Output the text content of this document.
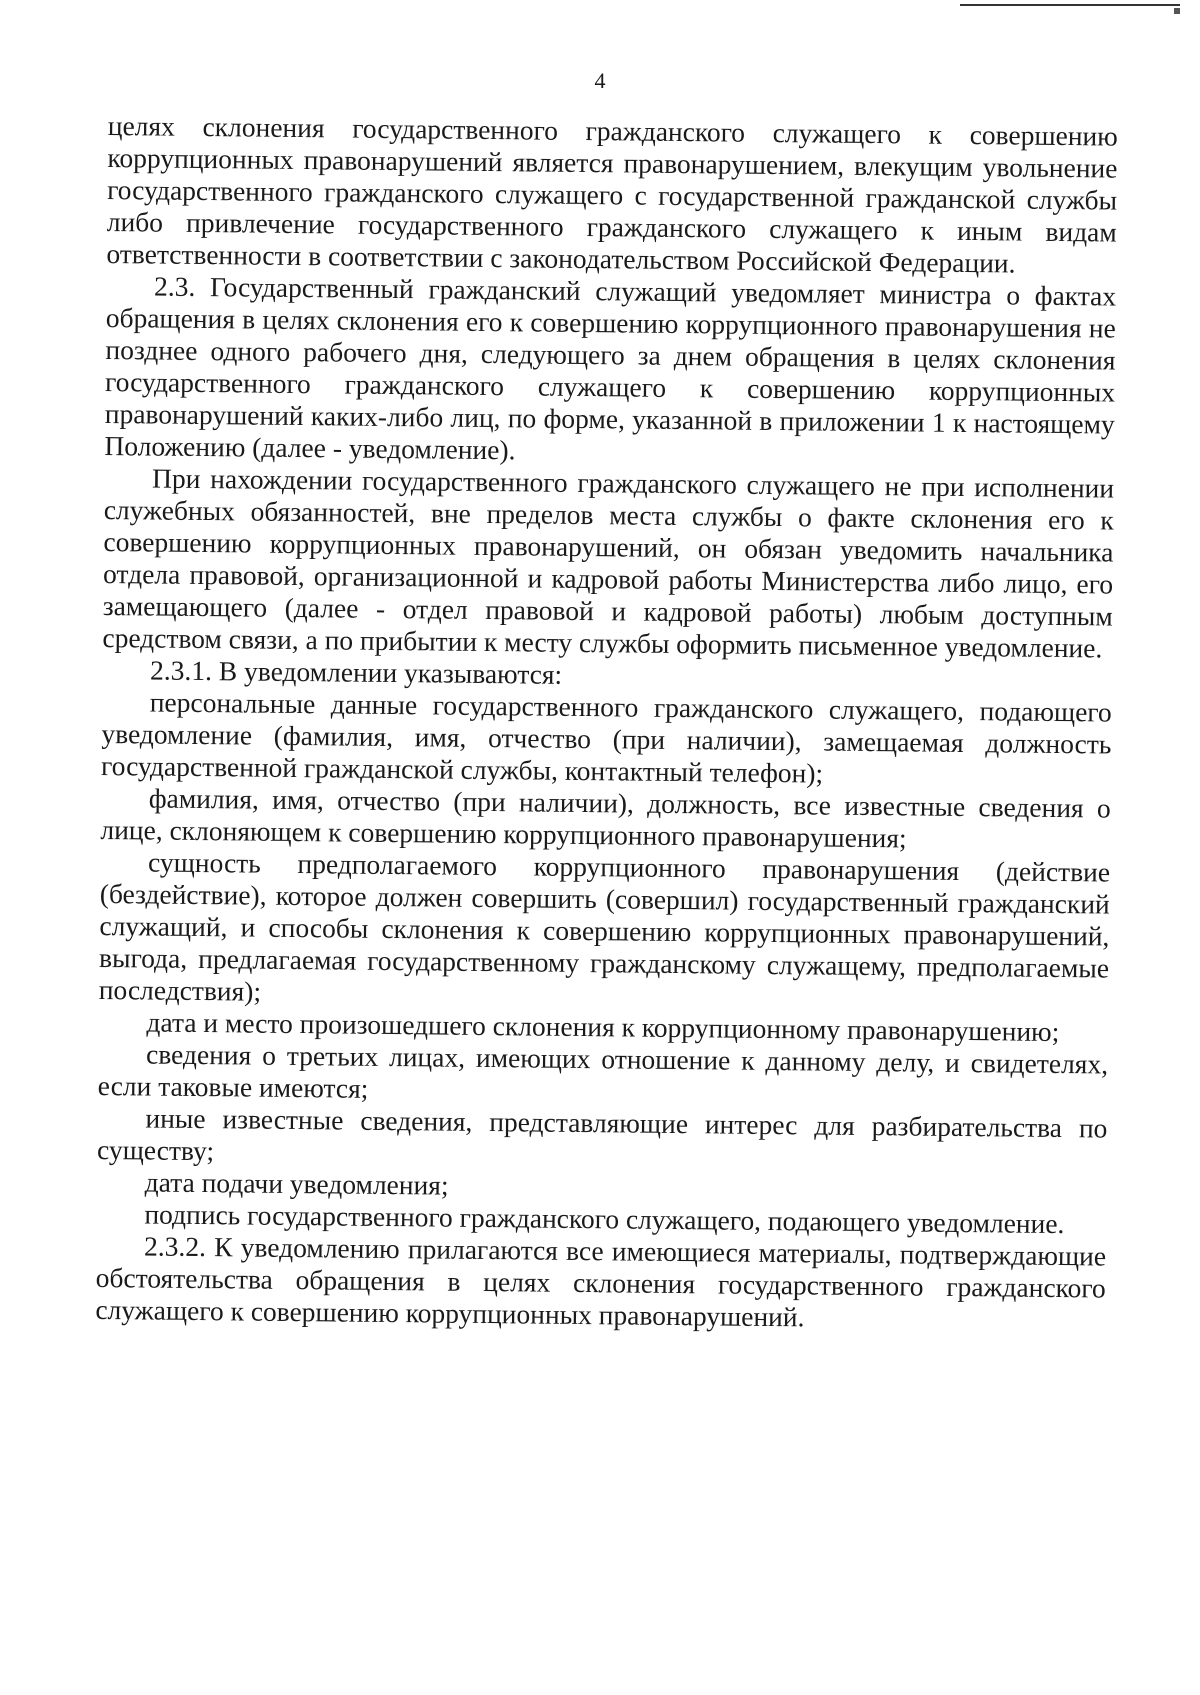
4

целях склонения государственного гражданского служащего к совершению коррупционных правонарушений является правонарушением, влекущим увольнение государственного гражданского служащего с государственной гражданской службы либо привлечение государственного гражданского служащего к иным видам ответственности в соответствии с законодательством Российской Федерации.

2.3. Государственный гражданский служащий уведомляет министра о фактах обращения в целях склонения его к совершению коррупционного правонарушения не позднее одного рабочего дня, следующего за днем обращения в целях склонения государственного гражданского служащего к совершению коррупционных правонарушений каких-либо лиц, по форме, указанной в приложении 1 к настоящему Положению (далее - уведомление).

При нахождении государственного гражданского служащего не при исполнении служебных обязанностей, вне пределов места службы о факте склонения его к совершению коррупционных правонарушений, он обязан уведомить начальника отдела правовой, организационной и кадровой работы Министерства либо лицо, его замещающего (далее - отдел правовой и кадровой работы) любым доступным средством связи, а по прибытии к месту службы оформить письменное уведомление.

2.3.1. В уведомлении указываются:

персональные данные государственного гражданского служащего, подающего уведомление (фамилия, имя, отчество (при наличии), замещаемая должность государственной гражданской службы, контактный телефон);

фамилия, имя, отчество (при наличии), должность, все известные сведения о лице, склоняющем к совершению коррупционного правонарушения;

сущность предполагаемого коррупционного правонарушения (действие (бездействие), которое должен совершить (совершил) государственный гражданский служащий, и способы склонения к совершению коррупционных правонарушений, выгода, предлагаемая государственному гражданскому служащему, предполагаемые последствия);

дата и место произошедшего склонения к коррупционному правонарушению;

сведения о третьих лицах, имеющих отношение к данному делу, и свидетелях, если таковые имеются;

иные известные сведения, представляющие интерес для разбирательства по существу;

дата подачи уведомления;

подпись государственного гражданского служащего, подающего уведомление.

2.3.2. К уведомлению прилагаются все имеющиеся материалы, подтверждающие обстоятельства обращения в целях склонения государственного гражданского служащего к совершению коррупционных правонарушений.
